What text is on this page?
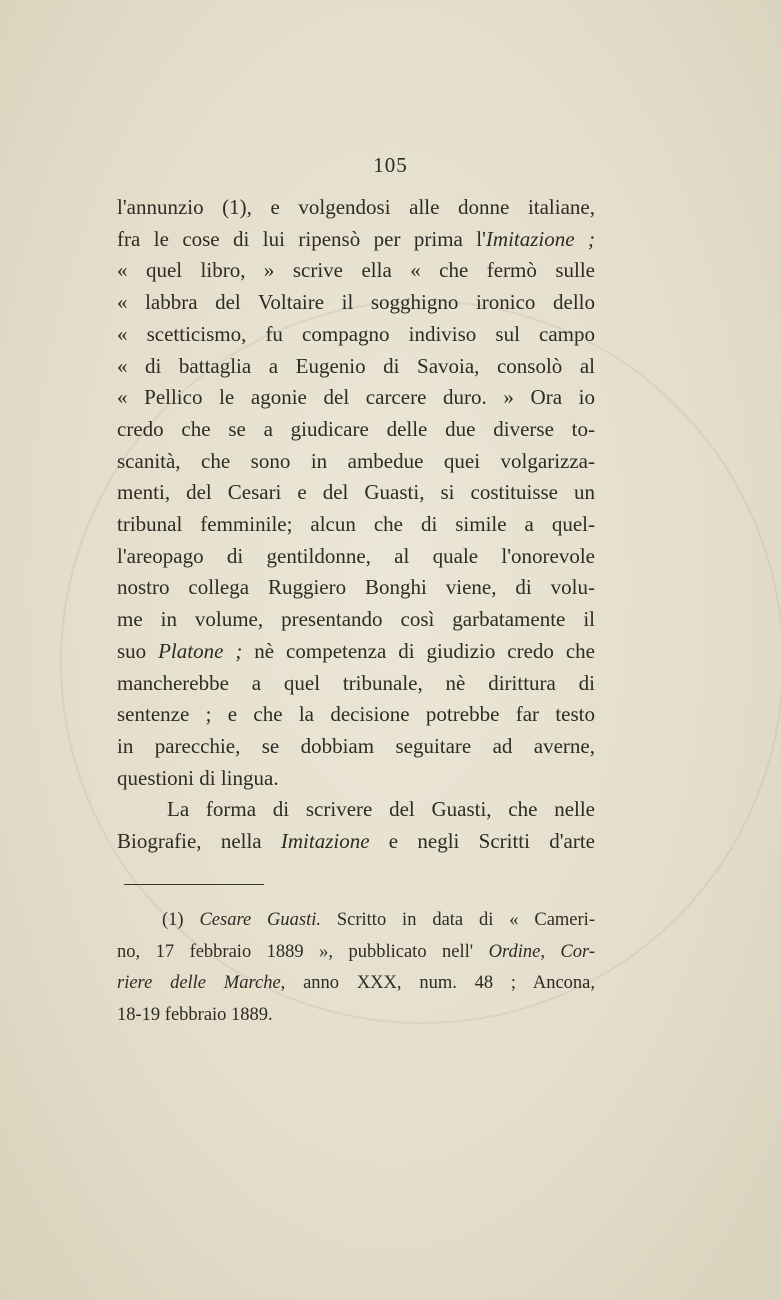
105
l'annunzio (1), e volgendosi alle donne italiane,
fra le cose di lui ripensò per prima l'Imitazione ;
« quel libro, » scrive ella « che fermò sulle
« labbra del Voltaire il sogghigno ironico dello
« scetticismo, fu compagno indiviso sul campo
« di battaglia a Eugenio di Savoia, consolò al
« Pellico le agonie del carcere duro. » Ora io
credo che se a giudicare delle due diverse to-
scanità, che sono in ambedue quei volgarizza-
menti, del Cesari e del Guasti, si costituisse un
tribunal femminile; alcun che di simile a quel-
l'areopago di gentildonne, al quale l'onorevole
nostro collega Ruggiero Bonghi viene, di volu-
me in volume, presentando così garbatamente il
suo Platone ; nè competenza di giudizio credo che
mancherebbe a quel tribunale, nè dirittura di
sentenze ; e che la decisione potrebbe far testo
in parecchie, se dobbiam seguitare ad averne,
questioni di lingua.
La forma di scrivere del Guasti, che nelle
Biografie, nella Imitazione e negli Scritti d'arte
(1) Cesare Guasti. Scritto in data di « Cameri-
no, 17 febbraio 1889 », pubblicato nell' Ordine, Cor-
riere delle Marche, anno XXX, num. 48 ; Ancona,
18-19 febbraio 1889.
